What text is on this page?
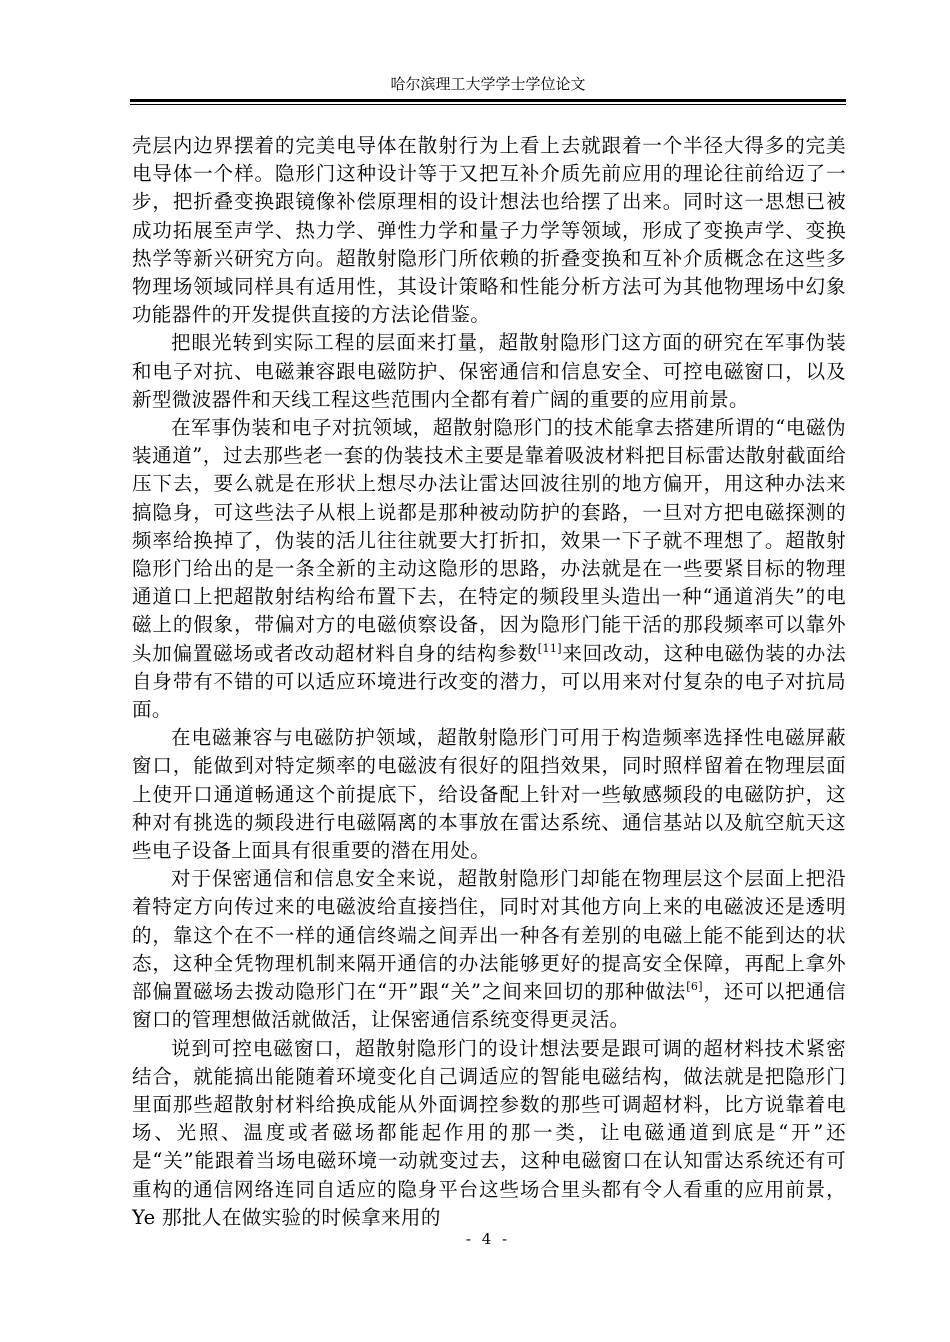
哈尔滨理工大学学士学位论文

壳层内边界摆着的完美电导体在散射行为上看上去就跟着一个半径大得多的完美电导体一个样。隐形门这种设计等于又把互补介质先前应用的理论往前给迈了一步，把折叠变换跟镜像补偿原理相的设计想法也给摆了出来。同时这一思想已被成功拓展至声学、热力学、弹性力学和量子力学等领域，形成了变换声学、变换热学等新兴研究方向。超散射隐形门所依赖的折叠变换和互补介质概念在这些多物理场领域同样具有适用性，其设计策略和性能分析方法可为其他物理场中幻象功能器件的开发提供直接的方法论借鉴。

把眼光转到实际工程的层面来打量，超散射隐形门这方面的研究在军事伪装和电子对抗、电磁兼容跟电磁防护、保密通信和信息安全、可控电磁窗口，以及新型微波器件和天线工程这些范围内全都有着广阔的重要的应用前景。

在军事伪装和电子对抗领域，超散射隐形门的技术能拿去搭建所谓的“电磁伪装通道”，过去那些老一套的伪装技术主要是靠着吸波材料把目标雷达散射截面给压下去，要么就是在形状上想尽办法让雷达回波往别的地方偏开，用这种办法来搞隐身，可这些法子从根上说都是那种被动防护的套路，一旦对方把电磁探测的频率给换掉了，伪装的活儿往往就要大打折扣，效果一下子就不理想了。超散射隐形门给出的是一条全新的主动这隐形的思路，办法就是在一些要紧目标的物理通道口上把超散射结构给布置下去，在特定的频段里头造出一种“通道消失”的电磁上的假象，带偏对方的电磁侦察设备，因为隐形门能干活的那段频率可以靠外头加偏置磁场或者改动超材料自身的结构参数[11]来回改动，这种电磁伪装的办法自身带有不错的可以适应环境进行改变的潜力，可以用来对付复杂的电子对抗局面。

在电磁兼容与电磁防护领域，超散射隐形门可用于构造频率选择性电磁屏蔽窗口，能做到对特定频率的电磁波有很好的阻挡效果，同时照样留着在物理层面上使开口通道畅通这个前提底下，给设备配上针对一些敏感频段的电磁防护，这种对有挑选的频段进行电磁隔离的本事放在雷达系统、通信基站以及航空航天这些电子设备上面具有很重要的潜在用处。

对于保密通信和信息安全来说，超散射隐形门却能在物理层这个层面上把沿着特定方向传过来的电磁波给直接挡住，同时对其他方向上来的电磁波还是透明的，靠这个在不一样的通信终端之间弄出一种各有差别的电磁上能不能到达的状态，这种全凭物理机制来隔开通信的办法能够更好的提高安全保障，再配上拿外部偏置磁场去拨动隐形门在“开”跟“关”之间来回切的那种做法[6]，还可以把通信窗口的管理想做活就做活，让保密通信系统变得更灵活。

说到可控电磁窗口，超散射隐形门的设计想法要是跟可调的超材料技术紧密结合，就能搞出能随着环境变化自己调适应的智能电磁结构，做法就是把隐形门里面那些超散射材料给换成能从外面调控参数的那些可调超材料，比方说靠着电场、光照、温度或者磁场都能起作用的那一类，让电磁通道到底是“开”还是“关”能跟着当场电磁环境一动就变过去，这种电磁窗口在认知雷达系统还有可重构的通信网络连同自适应的隐身平台这些场合里头都有令人看重的应用前景，Ye 那批人在做实验的时候拿来用的

- 4 -
